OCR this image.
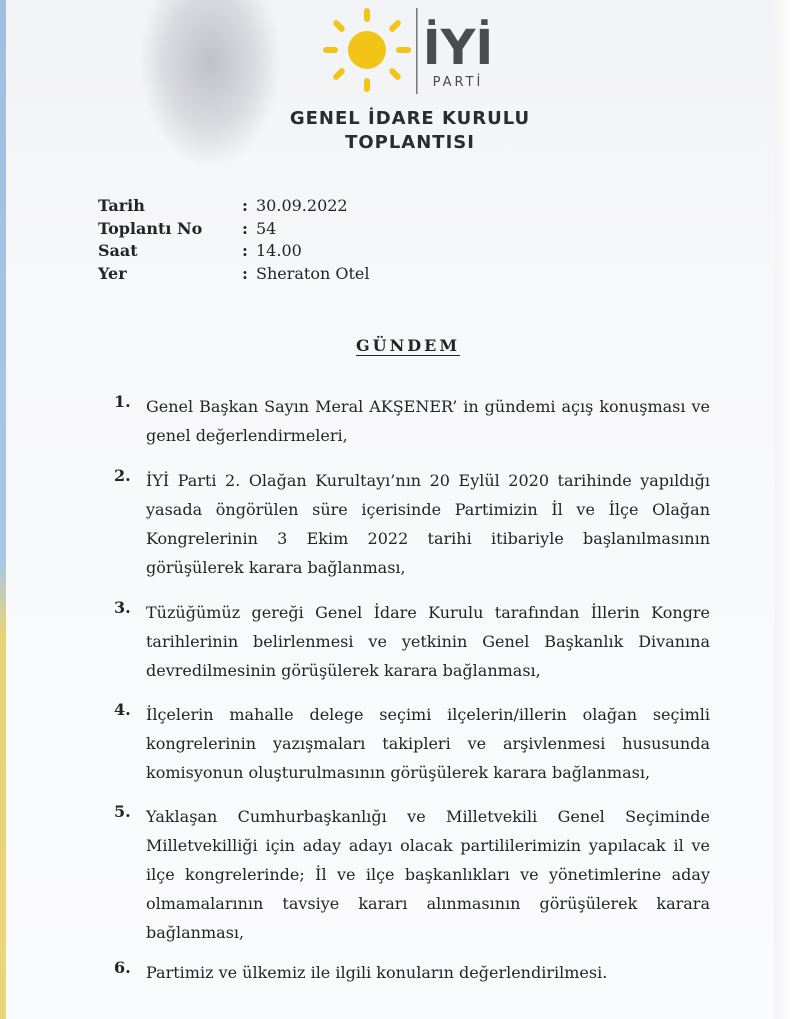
İYİ
PARTİ
GENEL İDARE KURULU
TOPLANTISI
Tarih	: 30.09.2022
Toplantı No : 54
Saat	: 14.00
Yer	: Sheraton Otel
GÜNDEM
1. Genel Başkan Sayın Meral AKŞENER’ in gündemi açış konuşması ve genel değerlendirmeleri,
2. İYİ Parti 2. Olağan Kurultayı’nın 20 Eylül 2020 tarihinde yapıldığı yasada öngörülen süre içerisinde Partimizin İl ve İlçe Olağan Kongrelerinin 3 Ekim 2022 tarihi itibariyle başlanılmasının görüşülerek karara bağlanması,
3. Tüzüğümüz gereği Genel İdare Kurulu tarafından İllerin Kongre tarihlerinin belirlenmesi ve yetkinin Genel Başkanlık Divanına devredilmesinin görüşülerek karara bağlanması,
4. İlçelerin mahalle delege seçimi ilçelerin/illerin olağan seçimli kongrelerinin yazışmaları takipleri ve arşivlenmesi hususunda komisyonun oluşturulmasının görüşülerek karara bağlanması,
5. Yaklaşan Cumhurbaşkanlığı ve Milletvekili Genel Seçiminde Milletvekilliği için aday adayı olacak partililerimizin yapılacak il ve ilçe kongrelerinde; İl ve ilçe başkanlıkları ve yönetimlerine aday olmamalarının tavsiye kararı alınmasının görüşülerek karara bağlanması,
6. Partimiz ve ülkemiz ile ilgili konuların değerlendirilmesi.
